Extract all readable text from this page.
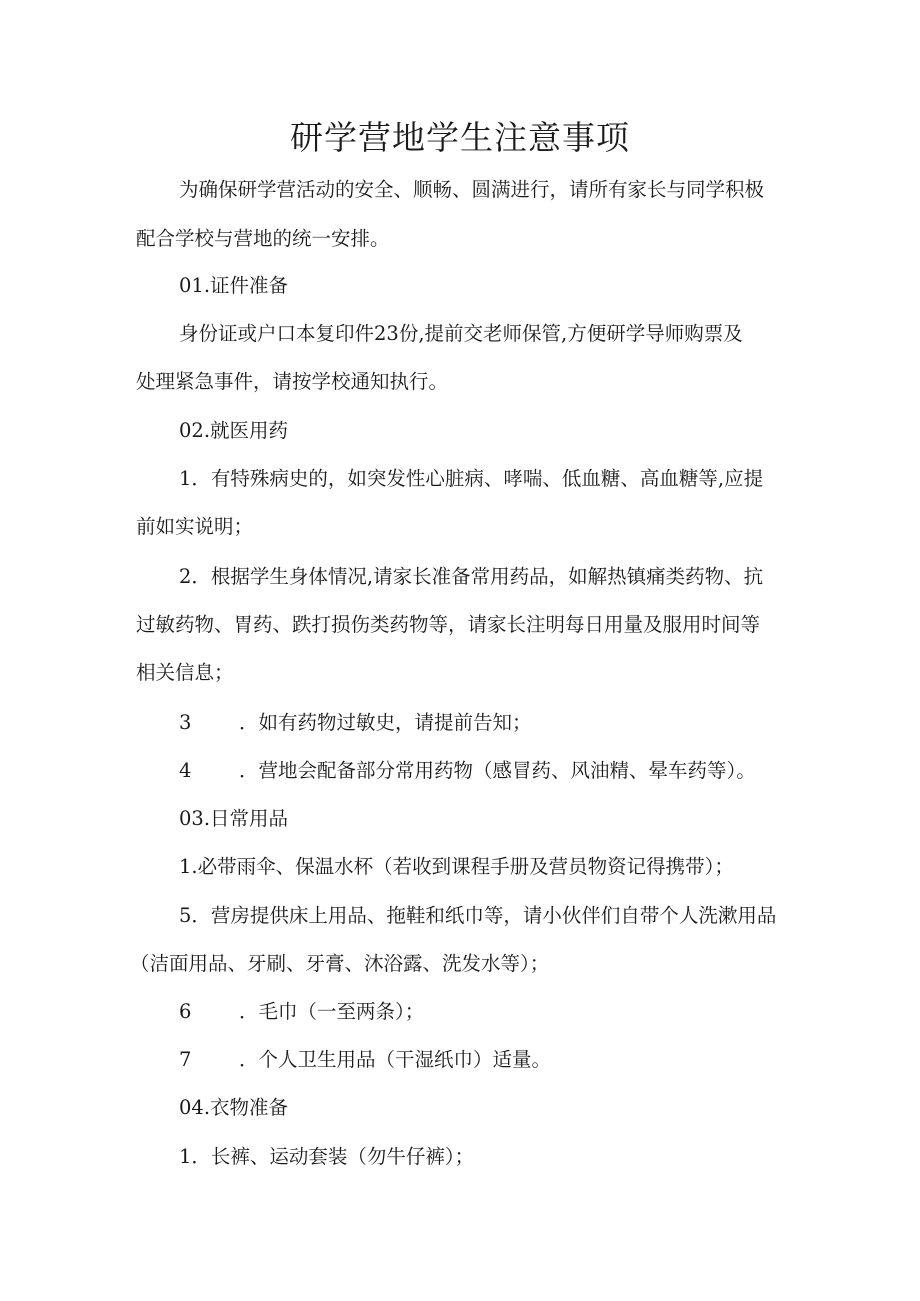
研学营地学生注意事项
为确保研学营活动的安全、顺畅、圆满进行，请所有家长与同学积极
配合学校与营地的统一安排。
01.证件准备
身份证或户口本复印件23份,提前交老师保管,方便研学导师购票及
处理紧急事件，请按学校通知执行。
02.就医用药
1．有特殊病史的，如突发性心脏病、哮喘、低血糖、高血糖等,应提
前如实说明；
2．根据学生身体情况,请家长准备常用药品，如解热镇痛类药物、抗
过敏药物、胃药、跌打损伤类药物等，请家长注明每日用量及服用时间等
相关信息；
3 ．如有药物过敏史，请提前告知；
4 ．营地会配备部分常用药物（感冒药、风油精、晕车药等）。
03.日常用品
1.必带雨伞、保温水杯（若收到课程手册及营员物资记得携带）；
5．营房提供床上用品、拖鞋和纸巾等，请小伙伴们自带个人洗漱用品
（洁面用品、牙刷、牙膏、沐浴露、洗发水等）；
6 ．毛巾（一至两条）；
7 ．个人卫生用品（干湿纸巾）适量。
04.衣物准备
1．长裤、运动套装（勿牛仔裤）；
